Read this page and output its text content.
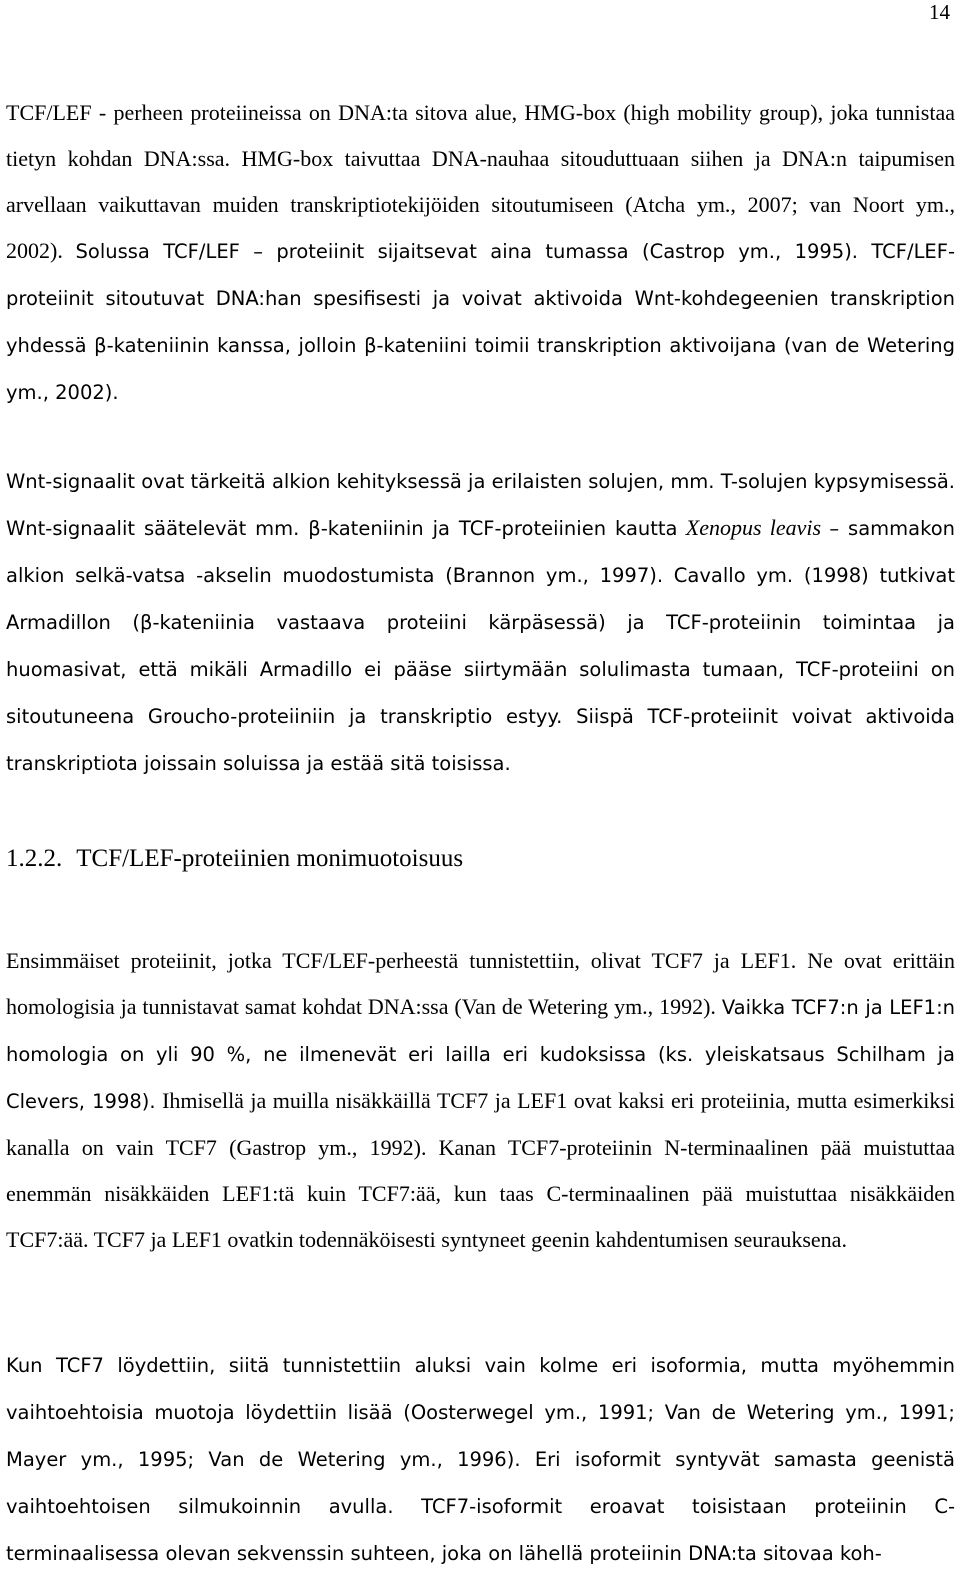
14

TCF/LEF - perheen proteiineissa on DNA:ta sitova alue, HMG-box (high mobility group), joka tunnistaa tietyn kohdan DNA:ssa. HMG-box taivuttaa DNA-nauhaa sitouduttuaan siihen ja DNA:n taipumisen arvellaan vaikuttavan muiden transkriptiotekijöiden sitoutumiseen (Atcha ym., 2007; van Noort ym., 2002). Solussa TCF/LEF – proteiinit sijaitsevat aina tumassa (Castrop ym., 1995). TCF/LEF-proteiinit sitoutuvat DNA:han spesifisesti ja voivat aktivoida Wnt-kohdegeenien transkription yhdessä β-kateniinin kanssa, jolloin β-kateniini toimii transkription aktivoijana (van de Wetering ym., 2002).

Wnt-signaalit ovat tärkeitä alkion kehityksessä ja erilaisten solujen, mm. T-solujen kypsymisessä. Wnt-signaalit säätelevät mm. β-kateniinin ja TCF-proteiinien kautta Xenopus leavis – sammakon alkion selkä-vatsa -akselin muodostumista (Brannon ym., 1997). Cavallo ym. (1998) tutkivat Armadillon (β-kateniinia vastaava proteiini kärpäsessä) ja TCF-proteiinin toimintaa ja huomasivat, että mikäli Armadillo ei pääse siirtymään solulimasta tumaan, TCF-proteiini on sitoutuneena Groucho-proteiiniin ja transkriptio estyy. Siispä TCF-proteiinit voivat aktivoida transkriptiota joissain soluissa ja estää sitä toisissa.

1.2.2. TCF/LEF-proteiinien monimuotoisuus

Ensimmäiset proteiinit, jotka TCF/LEF-perheestä tunnistettiin, olivat TCF7 ja LEF1. Ne ovat erittäin homologisia ja tunnistavat samat kohdat DNA:ssa (Van de Wetering ym., 1992). Vaikka TCF7:n ja LEF1:n homologia on yli 90 %, ne ilmenevät eri lailla eri kudoksissa (ks. yleiskatsaus Schilham ja Clevers, 1998). Ihmisellä ja muilla nisäkkäillä TCF7 ja LEF1 ovat kaksi eri proteiinia, mutta esimerkiksi kanalla on vain TCF7 (Gastrop ym., 1992). Kanan TCF7-proteiinin N-terminaalinen pää muistuttaa enemmän nisäkkäiden LEF1:tä kuin TCF7:ää, kun taas C-terminaalinen pää muistuttaa nisäkkäiden TCF7:ää. TCF7 ja LEF1 ovatkin todennäköisesti syntyneet geenin kahdentumisen seurauksena.

Kun TCF7 löydettiin, siitä tunnistettiin aluksi vain kolme eri isoformia, mutta myöhemmin vaihtoehtoisia muotoja löydettiin lisää (Oosterwegel ym., 1991; Van de Wetering ym., 1991; Mayer ym., 1995; Van de Wetering ym., 1996). Eri isoformit syntyvät samasta geenistä vaihtoehtoisen silmukoinnin avulla. TCF7-isoformit eroavat toisistaan proteiinin C-terminaalisessa olevan sekvenssin suhteen, joka on lähellä proteiinin DNA:ta sitovaa koh-
